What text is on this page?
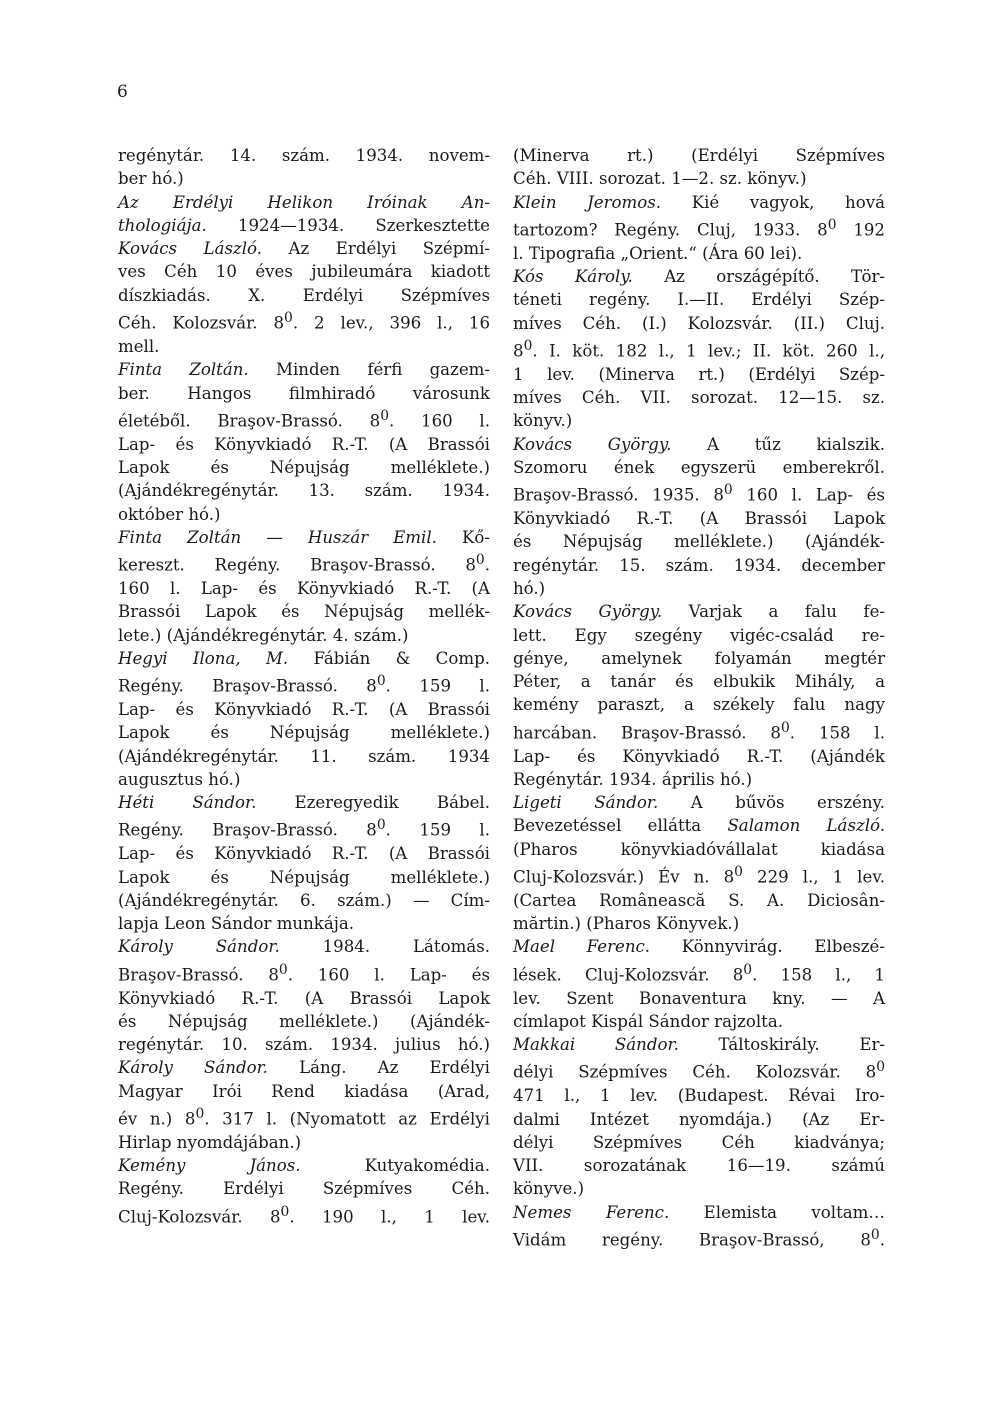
6
regénytár. 14. szám. 1934. novem-
ber hó.)
Az Erdélyi Helikon Iróinak An-
thologiája. 1924—1934. Szerkesztette
Kovács László. Az Erdélyi Szépmí-
ves Céh 10 éves jubileumára kiadott
díszkiadás. X. Erdélyi Szépmíves
Céh. Kolozsvár. $8^0$. 2 lev., 396 l., 16
mell.
Finta Zoltán. Minden férfi gazem-
ber. Hangos filmhiradó városunk
életéből. Braşov-Brassó. $8^0$. 160 l.
Lap- és Könyvkiadó R.-T. (A Brassói
Lapok és Népujság melléklete.)
(Ajándékregénytár. 13. szám. 1934.
október hó.)
Finta Zoltán — Huszár Emil. Kő-
kereszt. Regény. Braşov-Brassó. $8^0$.
160 l. Lap- és Könyvkiadó R.-T. (A
Brassói Lapok és Népujság mellék-
lete.) (Ajándékregénytár. 4. szám.)
Hegyi Ilona, M. Fábián & Comp.
Regény. Braşov-Brassó. $8^0$. 159 l.
Lap- és Könyvkiadó R.-T. (A Brassói
Lapok és Népujság melléklete.)
(Ajándékregénytár. 11. szám. 1934
augusztus hó.)
Héti Sándor. Ezeregyedik Bábel.
Regény. Braşov-Brassó. $8^0$. 159 l.
Lap- és Könyvkiadó R.-T. (A Brassói
Lapok és Népujság melléklete.)
(Ajándékregénytár. 6. szám.) — Cím-
lapja Leon Sándor munkája.
Károly Sándor. 1984. Látomás.
Braşov-Brassó. $8^0$. 160 l. Lap- és
Könyvkiadó R.-T. (A Brassói Lapok
és Népujság melléklete.) (Ajándék-
regénytár. 10. szám. 1934. julius hó.)
Károly Sándor. Láng. Az Erdélyi
Magyar Irói Rend kiadása (Arad,
év n.) $8^0$. 317 l. (Nyomatott az Erdélyi
Hirlap nyomdájában.)
Kemény János. Kutyakomédia.
Regény. Erdélyi Szépmíves Céh.
Cluj-Kolozsvár. $8^0$. 190 l., 1 lev.
(Minerva rt.) (Erdélyi Szépmíves
Céh. VIII. sorozat. 1—2. sz. könyv.)
Klein Jeromos. Kié vagyok, hová
tartozom? Regény. Cluj, 1933. $8^0$ 192
l. Tipografia „Orient.“ (Ára 60 lei).
Kós Károly. Az országépítő. Tör-
téneti regény. I.—II. Erdélyi Szép-
míves Céh. (I.) Kolozsvár. (II.) Cluj.
$8^0$. I. köt. 182 l., 1 lev.; II. köt. 260 l.,
1 lev. (Minerva rt.) (Erdélyi Szép-
míves Céh. VII. sorozat. 12—15. sz.
könyv.)
Kovács György. A tűz kialszik.
Szomoru ének egyszerü emberekről.
Braşov-Brassó. 1935. $8^0$ 160 l. Lap- és
Könyvkiadó R.-T. (A Brassói Lapok
és Népujság melléklete.) (Ajándék-
regénytár. 15. szám. 1934. december
hó.)
Kovács György. Varjak a falu fe-
lett. Egy szegény vigéc-család re-
génye, amelynek folyamán megtér
Péter, a tanár és elbukik Mihály, a
kemény paraszt, a székely falu nagy
harcában. Braşov-Brassó. $8^0$. 158 l.
Lap- és Könyvkiadó R.-T. (Ajándék
Regénytár. 1934. április hó.)
Ligeti Sándor. A bűvös erszény.
Bevezetéssel ellátta Salamon László.
(Pharos könyvkiadóvállalat kiadása
Cluj-Kolozsvár.) Év n. $8^0$ 229 l., 1 lev.
(Cartea Românească S. A. Diciosân-
mărtin.) (Pharos Könyvek.)
Mael Ferenc. Könnyvirág. Elbeszé-
lések. Cluj-Kolozsvár. $8^0$. 158 l., 1
lev. Szent Bonaventura kny. — A
címlapot Kispál Sándor rajzolta.
Makkai Sándor. Táltoskirály. Er-
délyi Szépmíves Céh. Kolozsvár. $8^0$
471 l., 1 lev. (Budapest. Révai Iro-
dalmi Intézet nyomdája.) (Az Er-
délyi Szépmíves Céh kiadványa;
VII. sorozatának 16—19. számú
könyve.)
Nemes Ferenc. Elemista voltam…
Vidám regény. Braşov-Brassó, $8^0$.
